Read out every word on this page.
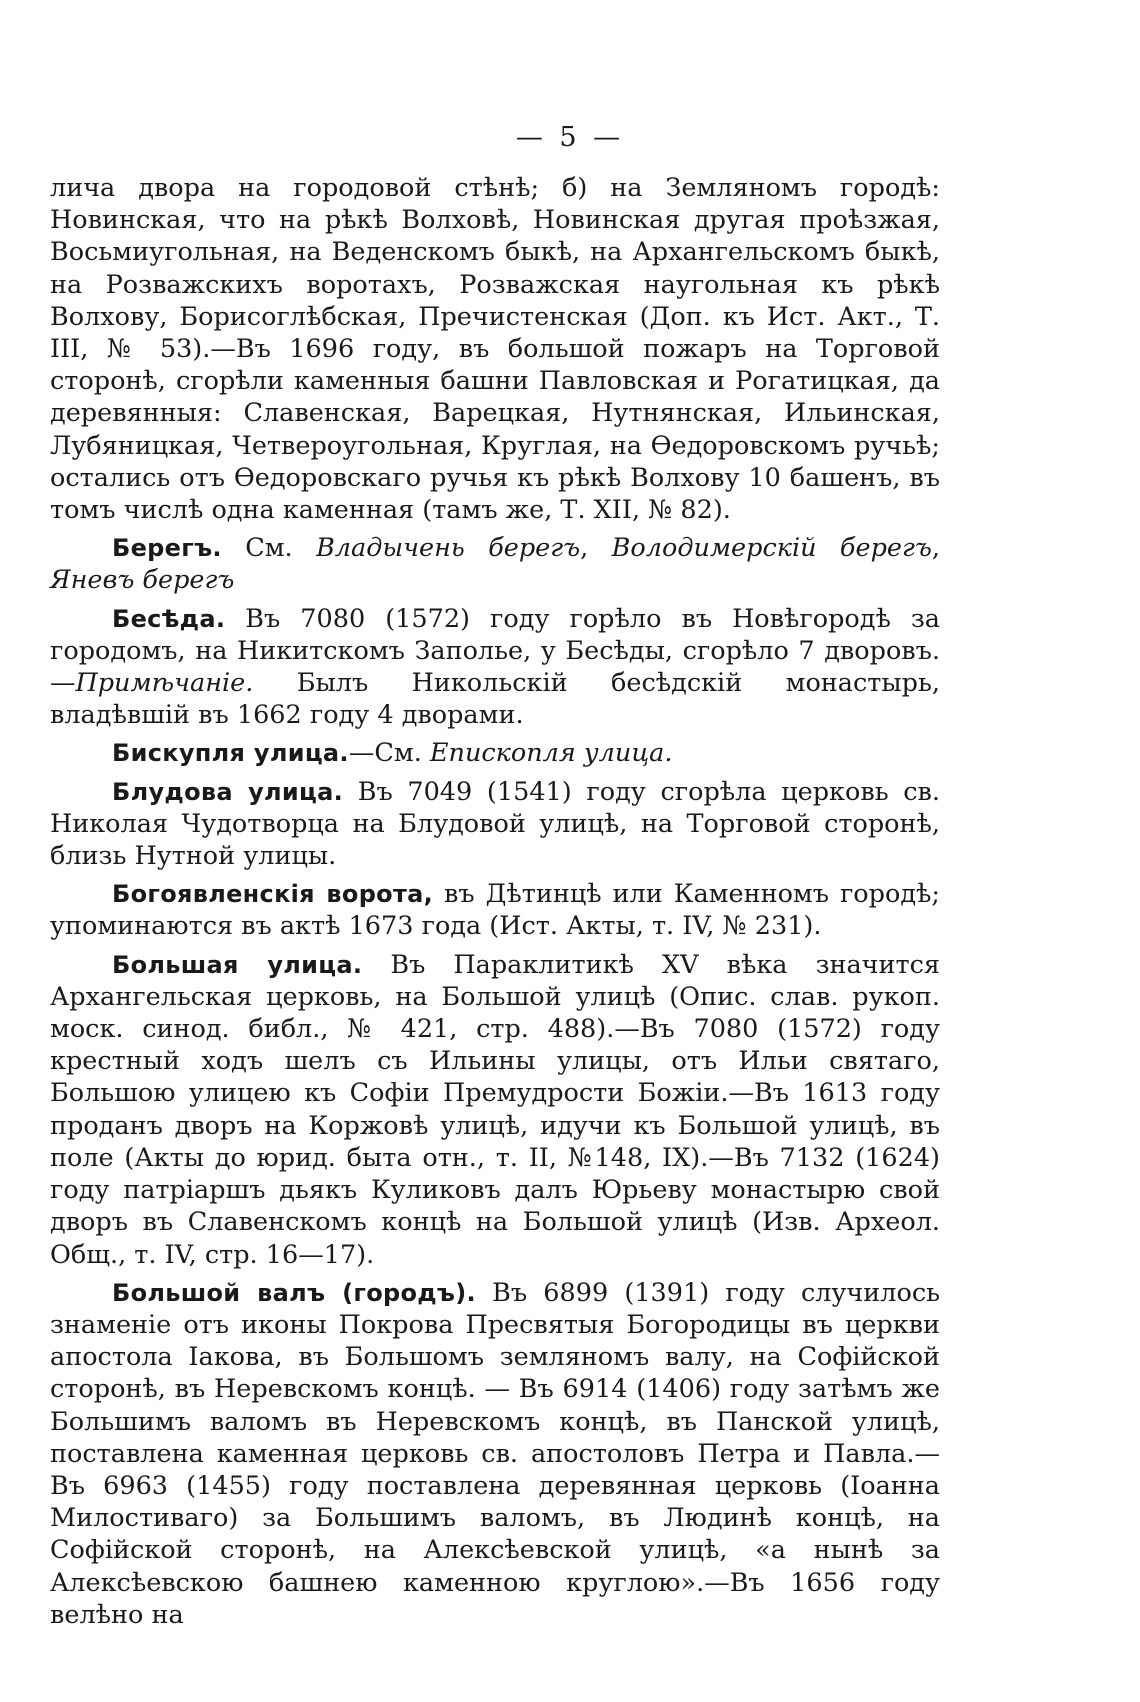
— 5 —

лича двора на городовой стѣнѣ; б) на Земляномъ городѣ: Новинская, что на рѣкѣ Волховѣ, Новинская другая проѣзжая, Восьмиугольная, на Веденскомъ быкѣ, на Архангельскомъ быкѣ, на Розважскихъ воротахъ, Розважская наугольная къ рѣкѣ Волхову, Борисоглѣбская, Пречистенская (Доп. къ Ист. Акт., Т. III, № 53).—Въ 1696 году, въ большой пожаръ на Торговой сторонѣ, сгорѣли каменныя башни Павловская и Рогатицкая, да деревянныя: Славенская, Варецкая, Нутнянская, Ильинская, Лубяницкая, Четвероугольная, Круглая, на Ѳедоровскомъ ручьѣ; остались отъ Ѳедоровскаго ручья къ рѣкѣ Волхову 10 башенъ, въ томъ числѣ одна каменная (тамъ же, Т. XII, № 82).

Берегъ. См. Владычень берегъ, Володимерскій берегъ, Яневъ берегъ

Бесѣда. Въ 7080 (1572) году горѣло въ Новѣгородѣ за городомъ, на Никитскомъ Заполье, у Бесѣды, сгорѣло 7 дворовъ.—Примѣчаніе. Былъ Никольскій бесѣдскій монастырь, владѣвшій въ 1662 году 4 дворами.

Бискупля улица.—См. Епископля улица.

Блудова улица. Въ 7049 (1541) году сгорѣла церковь св. Николая Чудотворца на Блудовой улицѣ, на Торговой сторонѣ, близь Нутной улицы.

Богоявленскія ворота, въ Дѣтинцѣ или Каменномъ городѣ; упоминаются въ актѣ 1673 года (Ист. Акты, т. IV, № 231).

Большая улица. Въ Параклитикѣ XV вѣка значится Архангельская церковь, на Большой улицѣ (Опис. слав. рукоп. моск. синод. библ., № 421, стр. 488).—Въ 7080 (1572) году крестный ходъ шелъ съ Ильины улицы, отъ Ильи святаго, Большою улицею къ Софіи Премудрости Божіи.—Въ 1613 году проданъ дворъ на Коржовѣ улицѣ, идучи къ Большой улицѣ, въ поле (Акты до юрид. быта отн., т. II, №148, IX).—Въ 7132 (1624) году патріаршъ дьякъ Куликовъ далъ Юрьеву монастырю свой дворъ въ Славенскомъ концѣ на Большой улицѣ (Изв. Археол. Общ., т. IV, стр. 16—17).

Большой валъ (городъ). Въ 6899 (1391) году случилось знаменіе отъ иконы Покрова Пресвятыя Богородицы въ церкви апостола Іакова, въ Большомъ земляномъ валу, на Софійской сторонѣ, въ Неревскомъ концѣ. — Въ 6914 (1406) году затѣмъ же Большимъ валомъ въ Неревскомъ концѣ, въ Панской улицѣ, поставлена каменная церковь св. апостоловъ Петра и Павла.—Въ 6963 (1455) году поставлена деревянная церковь (Іоанна Милостиваго) за Большимъ валомъ, въ Людинѣ концѣ, на Софійской сторонѣ, на Алексѣевской улицѣ, «а нынѣ за Алексѣевскою башнею каменною круглою».—Въ 1656 году велѣно на
